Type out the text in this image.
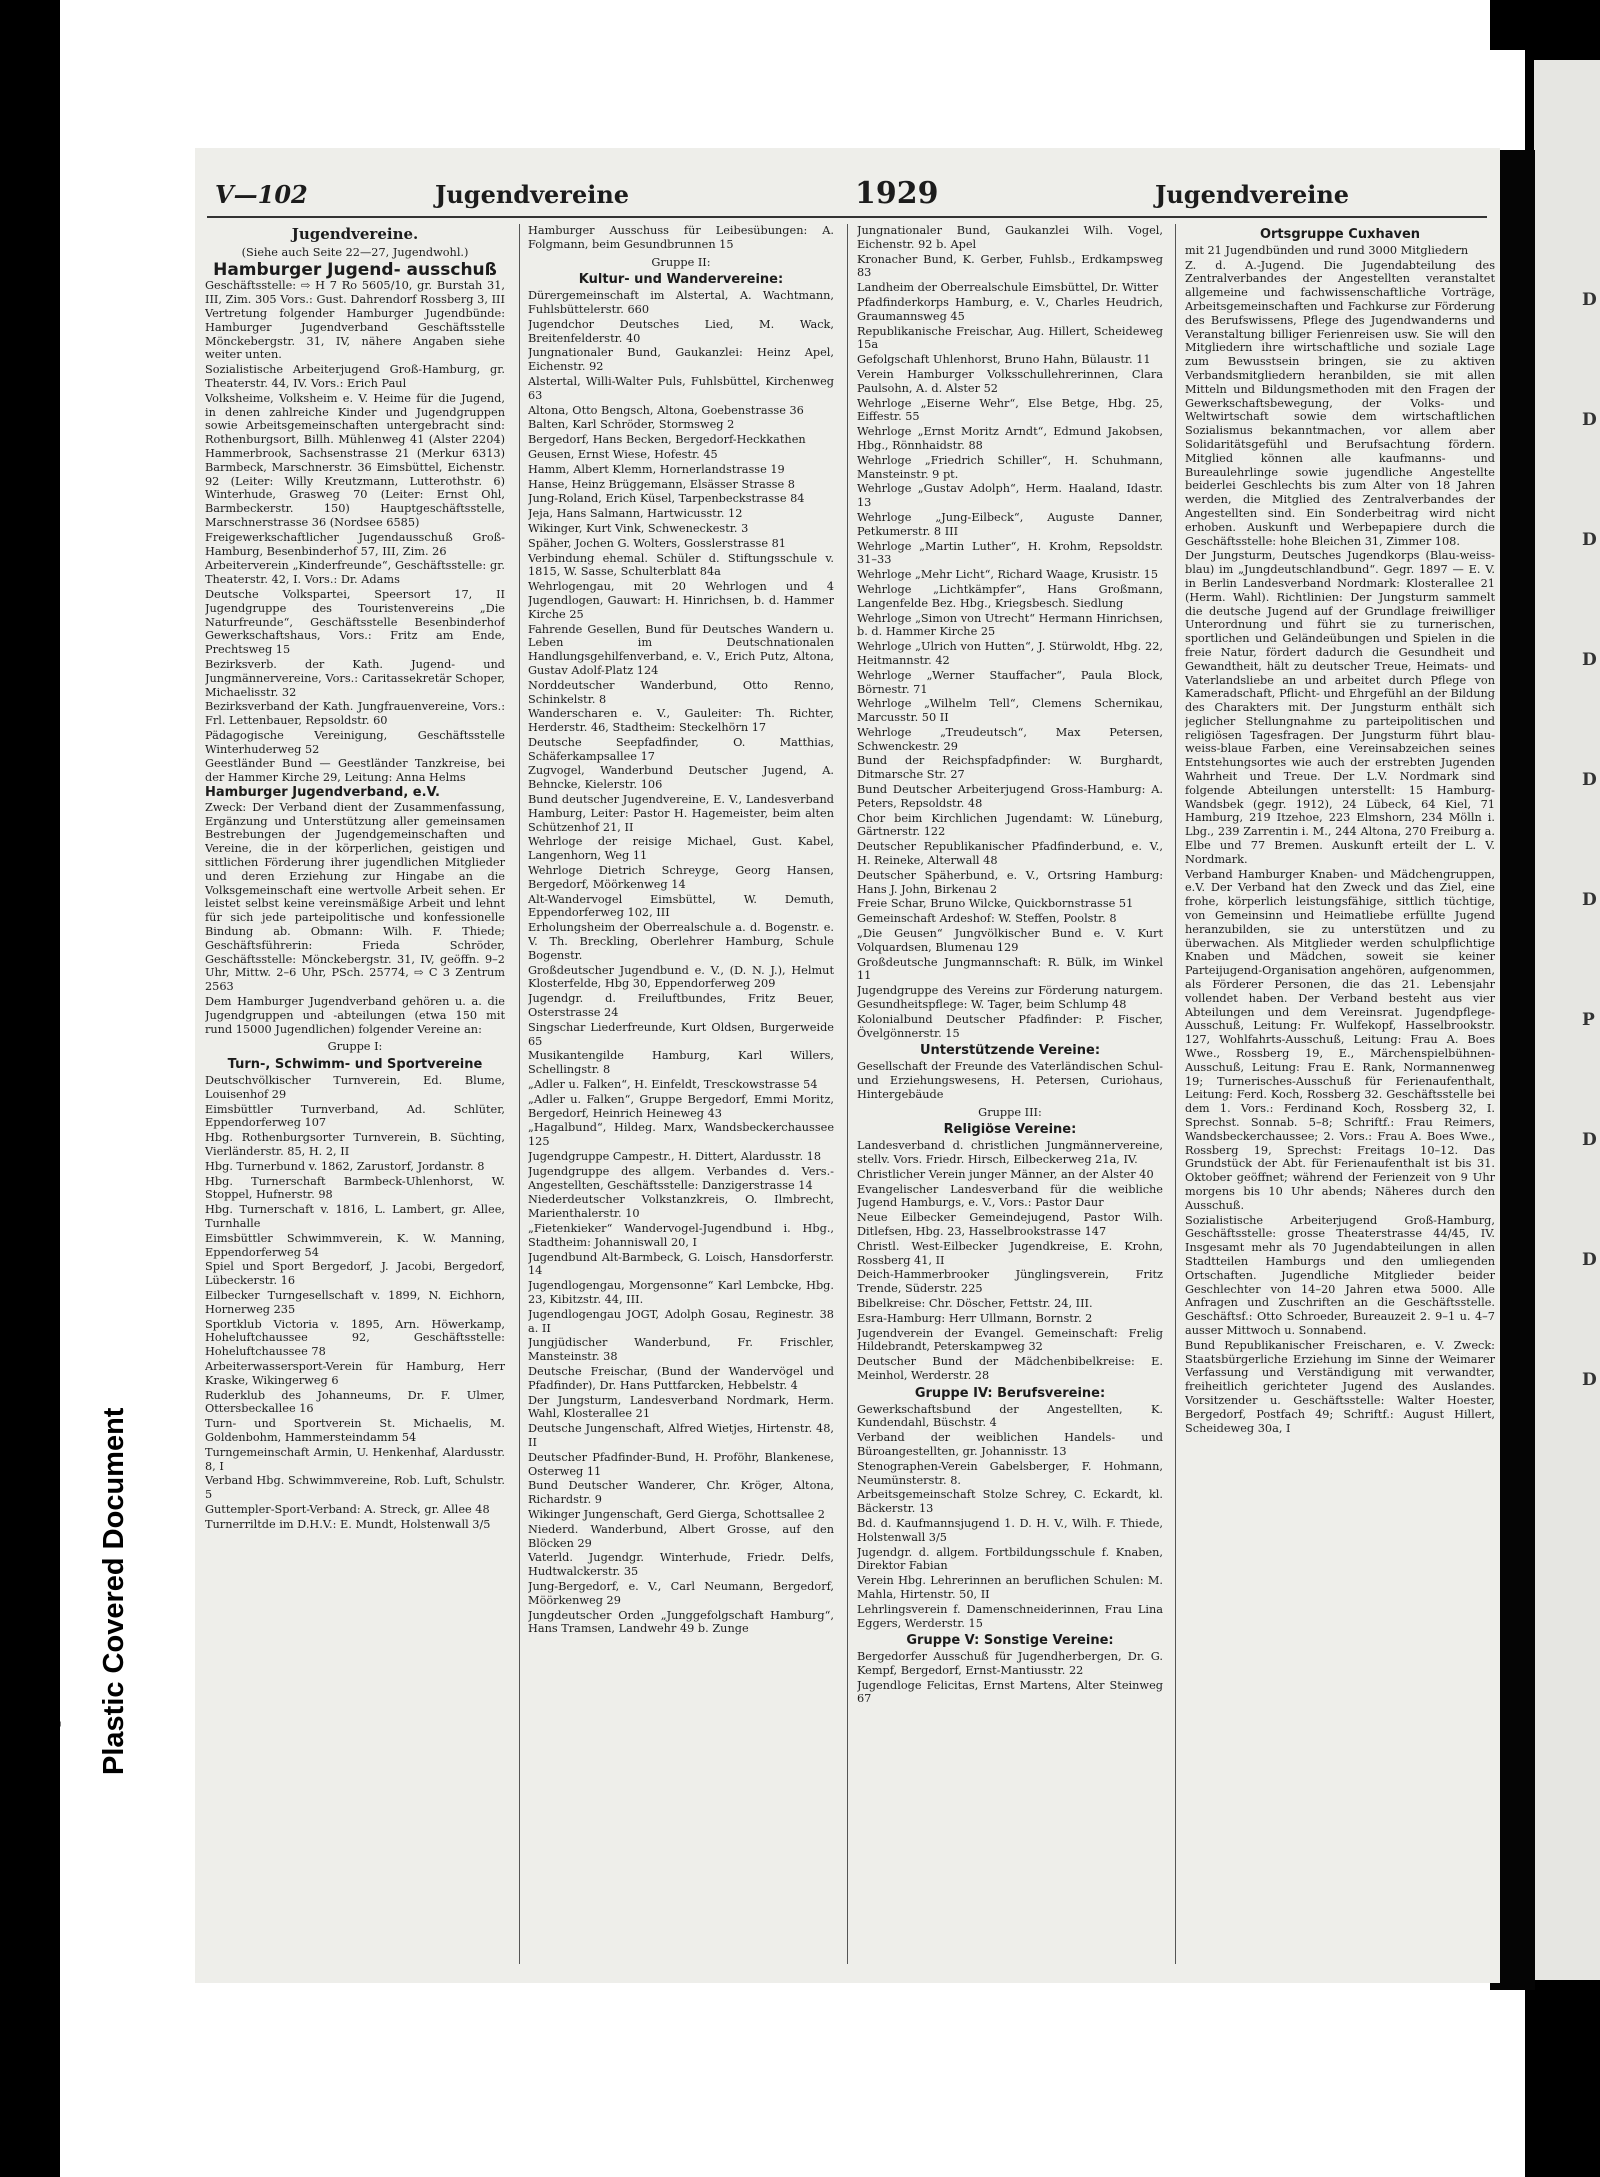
D
D
D
D
D
D
P
D
D
D
Repaired Document Plastic Covered Document
V—102	Jugendvereine	1929	Jugendvereine

Jugendvereine.

(Siehe auch Seite 22—27, Jugendwohl.)

Hamburger Jugend- ausschuß

Geschäftsstelle: ⇨ H 7 Ro 5605/10, gr. Burstah 31, III, Zim. 305 Vors.: Gust. Dahrendorf Rossberg 3, III Vertretung folgender Hamburger Jugendbünde: Hamburger Jugendverband Geschäftsstelle Mönckebergstr. 31, IV, nähere Angaben siehe weiter unten.

Sozialistische Arbeiterjugend Groß-Hamburg, gr. Theaterstr. 44, IV. Vors.: Erich Paul

Volksheime, Volksheim e. V. Heime für die Jugend, in denen zahlreiche Kinder und Jugendgruppen sowie Arbeitsgemeinschaften untergebracht sind: Rothenburgsort, Billh. Mühlenweg 41 (Alster 2204) Hammerbrook, Sachsenstrasse 21 (Merkur 6313) Barmbeck, Marschnerstr. 36 Eimsbüttel, Eichenstr. 92 (Leiter: Willy Kreutzmann, Lutterothstr. 6) Winterhude, Grasweg 70 (Leiter: Ernst Ohl, Barmbeckerstr. 150) Hauptgeschäftsstelle, Marschnerstrasse 36 (Nordsee 6585)

Freigewerkschaftlicher Jugendausschuß Groß-Hamburg, Besenbinderhof 57, III, Zim. 26

Arbeiterverein „Kinderfreunde“, Geschäftsstelle: gr. Theaterstr. 42, I. Vors.: Dr. Adams

Deutsche Volkspartei, Speersort 17, II Jugendgruppe des Touristenvereins „Die Naturfreunde“, Geschäftsstelle Besenbinderhof Gewerkschaftshaus, Vors.: Fritz am Ende, Prechtsweg 15

Bezirksverb. der Kath. Jugend- und Jungmännervereine, Vors.: Caritassekretär Schoper, Michaelisstr. 32

Bezirksverband der Kath. Jungfrauenvereine, Vors.: Frl. Lettenbauer, Repsoldstr. 60

Pädagogische Vereinigung, Geschäftsstelle Winterhuderweg 52

Geestländer Bund — Geestländer Tanzkreise, bei der Hammer Kirche 29, Leitung: Anna Helms

Hamburger Jugendverband, e.V.

Zweck: Der Verband dient der Zusammenfassung, Ergänzung und Unterstützung aller gemeinsamen Bestrebungen der Jugendgemeinschaften und Vereine, die in der körperlichen, geistigen und sittlichen Förderung ihrer jugendlichen Mitglieder und deren Erziehung zur Hingabe an die Volksgemeinschaft eine wertvolle Arbeit sehen. Er leistet selbst keine vereinsmäßige Arbeit und lehnt für sich jede parteipolitische und konfessionelle Bindung ab. Obmann: Wilh. F. Thiede; Geschäftsführerin: Frieda Schröder, Geschäftsstelle: Mönckebergstr. 31, IV, geöffn. 9–2 Uhr, Mittw. 2–6 Uhr, PSch. 25774, ⇨ C 3 Zentrum 2563

Dem Hamburger Jugendverband gehören u. a. die Jugendgruppen und -abteilungen (etwa 150 mit rund 15000 Jugendlichen) folgender Vereine an:

Gruppe I:

Turn-, Schwimm- und Sportvereine

Deutschvölkischer Turnverein, Ed. Blume, Louisenhof 29

Eimsbüttler Turnverband, Ad. Schlüter, Eppendorferweg 107

Hbg. Rothenburgsorter Turnverein, B. Süchting, Vierländerstr. 85, H. 2, II

Hbg. Turnerbund v. 1862, Zarustorf, Jordanstr. 8

Hbg. Turnerschaft Barmbeck-Uhlenhorst, W. Stoppel, Hufnerstr. 98

Hbg. Turnerschaft v. 1816, L. Lambert, gr. Allee, Turnhalle

Eimsbüttler Schwimmverein, K. W. Manning, Eppendorferweg 54

Spiel und Sport Bergedorf, J. Jacobi, Bergedorf, Lübeckerstr. 16

Eilbecker Turngesellschaft v. 1899, N. Eichhorn, Hornerweg 235

Sportklub Victoria v. 1895, Arn. Höwerkamp, Hoheluftchaussee 92, Geschäftsstelle: Hoheluftchaussee 78

Arbeiterwassersport-Verein für Hamburg, Herr Kraske, Wikingerweg 6

Ruderklub des Johanneums, Dr. F. Ulmer, Ottersbeckallee 16

Turn- und Sportverein St. Michaelis, M. Goldenbohm, Hammersteindamm 54

Turngemeinschaft Armin, U. Henkenhaf, Alardusstr. 8, I

Verband Hbg. Schwimmvereine, Rob. Luft, Schulstr. 5

Guttempler-Sport-Verband: A. Streck, gr. Allee 48

Turnerriltde im D.H.V.: E. Mundt, Holstenwall 3/5

Hamburger Ausschuss für Leibesübungen: A. Folgmann, beim Gesundbrunnen 15

Gruppe II:

Kultur- und Wandervereine:

Dürergemeinschaft im Alstertal, A. Wachtmann, Fuhlsbüttelerstr. 660

Jugendchor Deutsches Lied, M. Wack, Breitenfelderstr. 40

Jungnationaler Bund, Gaukanzlei: Heinz Apel, Eichenstr. 92

Alstertal, Willi-Walter Puls, Fuhlsbüttel, Kirchenweg 63

Altona, Otto Bengsch, Altona, Goebenstrasse 36

Balten, Karl Schröder, Stormsweg 2

Bergedorf, Hans Becken, Bergedorf-Heckkathen

Geusen, Ernst Wiese, Hofestr. 45

Hamm, Albert Klemm, Hornerlandstrasse 19

Hanse, Heinz Brüggemann, Elsässer Strasse 8

Jung-Roland, Erich Küsel, Tarpenbeckstrasse 84

Jeja, Hans Salmann, Hartwicusstr. 12

Wikinger, Kurt Vink, Schweneckestr. 3

Späher, Jochen G. Wolters, Gosslerstrasse 81

Verbindung ehemal. Schüler d. Stiftungsschule v. 1815, W. Sasse, Schulterblatt 84a

Wehrlogengau, mit 20 Wehrlogen und 4 Jugendlogen, Gauwart: H. Hinrichsen, b. d. Hammer Kirche 25

Fahrende Gesellen, Bund für Deutsches Wandern u. Leben im Deutschnationalen Handlungsgehilfenverband, e. V., Erich Putz, Altona, Gustav Adolf-Platz 124

Norddeutscher Wanderbund, Otto Renno, Schinkelstr. 8

Wanderscharen e. V., Gauleiter: Th. Richter, Herderstr. 46, Stadtheim: Steckelhörn 17

Deutsche Seepfadfinder, O. Matthias, Schäferkampsallee 17

Zugvogel, Wanderbund Deutscher Jugend, A. Behncke, Kielerstr. 106

Bund deutscher Jugendvereine, E. V., Landesverband Hamburg, Leiter: Pastor H. Hagemeister, beim alten Schützenhof 21, II

Wehrloge der reisige Michael, Gust. Kabel, Langenhorn, Weg 11

Wehrloge Dietrich Schreyge, Georg Hansen, Bergedorf, Möörkenweg 14

Alt-Wandervogel Eimsbüttel, W. Demuth, Eppendorferweg 102, III

Erholungsheim der Oberrealschule a. d. Bogenstr. e. V. Th. Breckling, Oberlehrer Hamburg, Schule Bogenstr.

Großdeutscher Jugendbund e. V., (D. N. J.), Helmut Klosterfelde, Hbg 30, Eppendorferweg 209

Jugendgr. d. Freiluftbundes, Fritz Beuer, Osterstrasse 24

Singschar Liederfreunde, Kurt Oldsen, Burgerweide 65

Musikantengilde Hamburg, Karl Willers, Schellingstr. 8

„Adler u. Falken“, H. Einfeldt, Tresckowstrasse 54

„Adler u. Falken“, Gruppe Bergedorf, Emmi Moritz, Bergedorf, Heinrich Heineweg 43

„Hagalbund“, Hildeg. Marx, Wandsbeckerchaussee 125

Jugendgruppe Campestr., H. Dittert, Alardusstr. 18

Jugendgruppe des allgem. Verbandes d. Vers.-Angestellten, Geschäftsstelle: Danzigerstrasse 14

Niederdeutscher Volkstanzkreis, O. Ilmbrecht, Marienthalerstr. 10

„Fietenkieker“ Wandervogel-Jugendbund i. Hbg., Stadtheim: Johanniswall 20, I

Jugendbund Alt-Barmbeck, G. Loisch, Hansdorferstr. 14

Jugendlogengau, Morgensonne“ Karl Lembcke, Hbg. 23, Kibitzstr. 44, III.

Jugendlogengau JOGT, Adolph Gosau, Reginestr. 38 a. II

Jungjüdischer Wanderbund, Fr. Frischler, Mansteinstr. 38

Deutsche Freischar, (Bund der Wandervögel und Pfadfinder), Dr. Hans Puttfarcken, Hebbelstr. 4

Der Jungsturm, Landesverband Nordmark, Herm. Wahl, Klosterallee 21

Deutsche Jungenschaft, Alfred Wietjes, Hirtenstr. 48, II

Deutscher Pfadfinder-Bund, H. Proföhr, Blankenese, Osterweg 11

Bund Deutscher Wanderer, Chr. Kröger, Altona, Richardstr. 9

Wikinger Jungenschaft, Gerd Gierga, Schottsallee 2

Niederd. Wanderbund, Albert Grosse, auf den Blöcken 29

Vaterld. Jugendgr. Winterhude, Friedr. Delfs, Hudtwalckerstr. 35

Jung-Bergedorf, e. V., Carl Neumann, Bergedorf, Möörkenweg 29

Jungdeutscher Orden „Junggefolgschaft Hamburg“, Hans Tramsen, Landwehr 49 b. Zunge

Jungnationaler Bund, Gaukanzlei Wilh. Vogel, Eichenstr. 92 b. Apel

Kronacher Bund, K. Gerber, Fuhlsb., Erdkampsweg 83

Landheim der Oberrealschule Eimsbüttel, Dr. Witter

Pfadfinderkorps Hamburg, e. V., Charles Heudrich, Graumannsweg 45

Republikanische Freischar, Aug. Hillert, Scheideweg 15a

Gefolgschaft Uhlenhorst, Bruno Hahn, Bülaustr. 11

Verein Hamburger Volksschullehrerinnen, Clara Paulsohn, A. d. Alster 52

Wehrloge „Eiserne Wehr“, Else Betge, Hbg. 25, Eiffestr. 55

Wehrloge „Ernst Moritz Arndt“, Edmund Jakobsen, Hbg., Rönnhaidstr. 88

Wehrloge „Friedrich Schiller“, H. Schuhmann, Mansteinstr. 9 pt.

Wehrloge „Gustav Adolph“, Herm. Haaland, Idastr. 13

Wehrloge „Jung-Eilbeck“, Auguste Danner, Petkumerstr. 8 III

Wehrloge „Martin Luther“, H. Krohm, Repsoldstr. 31–33

Wehrloge „Mehr Licht“, Richard Waage, Krusistr. 15

Wehrloge „Lichtkämpfer“, Hans Großmann, Langenfelde Bez. Hbg., Kriegsbesch. Siedlung

Wehrloge „Simon von Utrecht“ Hermann Hinrichsen, b. d. Hammer Kirche 25

Wehrloge „Ulrich von Hutten“, J. Stürwoldt, Hbg. 22, Heitmannstr. 42

Wehrloge „Werner Stauffacher“, Paula Block, Börnestr. 71

Wehrloge „Wilhelm Tell“, Clemens Schernikau, Marcusstr. 50 II

Wehrloge „Treudeutsch“, Max Petersen, Schwenckestr. 29

Bund der Reichspfadpfinder: W. Burghardt, Ditmarsche Str. 27

Bund Deutscher Arbeiterjugend Gross-Hamburg: A. Peters, Repsoldstr. 48

Chor beim Kirchlichen Jugendamt: W. Lüneburg, Gärtnerstr. 122

Deutscher Republikanischer Pfadfinderbund, e. V., H. Reineke, Alterwall 48

Deutscher Späherbund, e. V., Ortsring Hamburg: Hans J. John, Birkenau 2

Freie Schar, Bruno Wilcke, Quickbornstrasse 51

Gemeinschaft Ardeshof: W. Steffen, Poolstr. 8

„Die Geusen“ Jungvölkischer Bund e. V. Kurt Volquardsen, Blumenau 129

Großdeutsche Jungmannschaft: R. Bülk, im Winkel 11

Jugendgruppe des Vereins zur Förderung naturgem. Gesundheitspflege: W. Tager, beim Schlump 48

Kolonialbund Deutscher Pfadfinder: P. Fischer, Övelgönnerstr. 15

Unterstützende Vereine:

Gesellschaft der Freunde des Vaterländischen Schul- und Erziehungswesens, H. Petersen, Curiohaus, Hintergebäude

Gruppe III:

Religiöse Vereine:

Landesverband d. christlichen Jungmännervereine, stellv. Vors. Friedr. Hirsch, Eilbeckerweg 21a, IV.

Christlicher Verein junger Männer, an der Alster 40

Evangelischer Landesverband für die weibliche Jugend Hamburgs, e. V., Vors.: Pastor Daur

Neue Eilbecker Gemeindejugend, Pastor Wilh. Ditlefsen, Hbg. 23, Hasselbrookstrasse 147

Christl. West-Eilbecker Jugendkreise, E. Krohn, Rossberg 41, II

Deich-Hammerbrooker Jünglingsverein, Fritz Trende, Süderstr. 225

Bibelkreise: Chr. Döscher, Fettstr. 24, III.

Esra-Hamburg: Herr Ullmann, Bornstr. 2

Jugendverein der Evangel. Gemeinschaft: Frelig Hildebrandt, Peterskampweg 32

Deutscher Bund der Mädchenbibelkreise: E. Meinhol, Werderstr. 28

Gruppe IV: Berufsvereine:

Gewerkschaftsbund der Angestellten, K. Kundendahl, Büschstr. 4

Verband der weiblichen Handels- und Büroangestellten, gr. Johannisstr. 13

Stenographen-Verein Gabelsberger, F. Hohmann, Neumünsterstr. 8.

Arbeitsgemeinschaft Stolze Schrey, C. Eckardt, kl. Bäckerstr. 13

Bd. d. Kaufmannsjugend 1. D. H. V., Wilh. F. Thiede, Holstenwall 3/5

Jugendgr. d. allgem. Fortbildungsschule f. Knaben, Direktor Fabian

Verein Hbg. Lehrerinnen an beruflichen Schulen: M. Mahla, Hirtenstr. 50, II

Lehrlingsverein f. Damenschneiderinnen, Frau Lina Eggers, Werderstr. 15

Gruppe V: Sonstige Vereine:

Bergedorfer Ausschuß für Jugendherbergen, Dr. G. Kempf, Bergedorf, Ernst-Mantiusstr. 22

Jugendloge Felicitas, Ernst Martens, Alter Steinweg 67

Ortsgruppe Cuxhaven

mit 21 Jugendbünden und rund 3000 Mitgliedern

Z. d. A.-Jugend. Die Jugendabteilung des Zentralverbandes der Angestellten veranstaltet allgemeine und fachwissenschaftliche Vorträge, Arbeitsgemeinschaften und Fachkurse zur Förderung des Berufswissens, Pflege des Jugendwanderns und Veranstaltung billiger Ferienreisen usw. Sie will den Mitgliedern ihre wirtschaftliche und soziale Lage zum Bewusstsein bringen, sie zu aktiven Verbandsmitgliedern heranbilden, sie mit allen Mitteln und Bildungsmethoden mit den Fragen der Gewerkschaftsbewegung, der Volks- und Weltwirtschaft sowie dem wirtschaftlichen Sozialismus bekanntmachen, vor allem aber Solidaritätsgefühl und Berufsachtung fördern. Mitglied können alle kaufmanns- und Bureaulehrlinge sowie jugendliche Angestellte beiderlei Geschlechts bis zum Alter von 18 Jahren werden, die Mitglied des Zentralverbandes der Angestellten sind. Ein Sonderbeitrag wird nicht erhoben. Auskunft und Werbepapiere durch die Geschäftsstelle: hohe Bleichen 31, Zimmer 108.

Der Jungsturm, Deutsches Jugendkorps (Blau-weiss-blau) im „Jungdeutschlandbund“. Gegr. 1897 — E. V. in Berlin Landesverband Nordmark: Klosterallee 21 (Herm. Wahl). Richtlinien: Der Jungsturm sammelt die deutsche Jugend auf der Grundlage freiwilliger Unterordnung und führt sie zu turnerischen, sportlichen und Geländeübungen und Spielen in die freie Natur, fördert dadurch die Gesundheit und Gewandtheit, hält zu deutscher Treue, Heimats- und Vaterlandsliebe an und arbeitet durch Pflege von Kameradschaft, Pflicht- und Ehrgefühl an der Bildung des Charakters mit. Der Jungsturm enthält sich jeglicher Stellungnahme zu parteipolitischen und religiösen Tagesfragen. Der Jungsturm führt blau-weiss-blaue Farben, eine Vereinsabzeichen seines Entstehungsortes wie auch der erstrebten Jugenden Wahrheit und Treue. Der L.V. Nordmark sind folgende Abteilungen unterstellt: 15 Hamburg-Wandsbek (gegr. 1912), 24 Lübeck, 64 Kiel, 71 Hamburg, 219 Itzehoe, 223 Elmshorn, 234 Mölln i. Lbg., 239 Zarrentin i. M., 244 Altona, 270 Freiburg a. Elbe und 77 Bremen. Auskunft erteilt der L. V. Nordmark.

Verband Hamburger Knaben- und Mädchengruppen, e.V. Der Verband hat den Zweck und das Ziel, eine frohe, körperlich leistungsfähige, sittlich tüchtige, von Gemeinsinn und Heimatliebe erfüllte Jugend heranzubilden, sie zu unterstützen und zu überwachen. Als Mitglieder werden schulpflichtige Knaben und Mädchen, soweit sie keiner Parteijugend-Organisation angehören, aufgenommen, als Förderer Personen, die das 21. Lebensjahr vollendet haben. Der Verband besteht aus vier Abteilungen und dem Vereinsrat. Jugendpflege-Ausschuß, Leitung: Fr. Wulfekopf, Hasselbrookstr. 127, Wohlfahrts-Ausschuß, Leitung: Frau A. Boes Wwe., Rossberg 19, E., Märchenspielbühnen-Ausschuß, Leitung: Frau E. Rank, Normannenweg 19; Turnerisches-Ausschuß für Ferienaufenthalt, Leitung: Ferd. Koch, Rossberg 32. Geschäftsstelle bei dem 1. Vors.: Ferdinand Koch, Rossberg 32, I. Sprechst. Sonnab. 5–8; Schriftf.: Frau Reimers, Wandsbeckerchaussee; 2. Vors.: Frau A. Boes Wwe., Rossberg 19, Sprechst: Freitags 10–12. Das Grundstück der Abt. für Ferienaufenthalt ist bis 31. Oktober geöffnet; während der Ferienzeit von 9 Uhr morgens bis 10 Uhr abends; Näheres durch den Ausschuß.

Sozialistische Arbeiterjugend Groß-Hamburg, Geschäftsstelle: grosse Theaterstrasse 44/45, IV. Insgesamt mehr als 70 Jugendabteilungen in allen Stadtteilen Hamburgs und den umliegenden Ortschaften. Jugendliche Mitglieder beider Geschlechter von 14–20 Jahren etwa 5000. Alle Anfragen und Zuschriften an die Geschäftsstelle. Geschäftsf.: Otto Schroeder, Bureauzeit 2. 9–1 u. 4–7 ausser Mittwoch u. Sonnabend.

Bund Republikanischer Freischaren, e. V. Zweck: Staatsbürgerliche Erziehung im Sinne der Weimarer Verfassung und Verständigung mit verwandter, freiheitlich gerichteter Jugend des Auslandes. Vorsitzender u. Geschäftsstelle: Walter Hoester, Bergedorf, Postfach 49; Schriftf.: August Hillert, Scheideweg 30a, I
